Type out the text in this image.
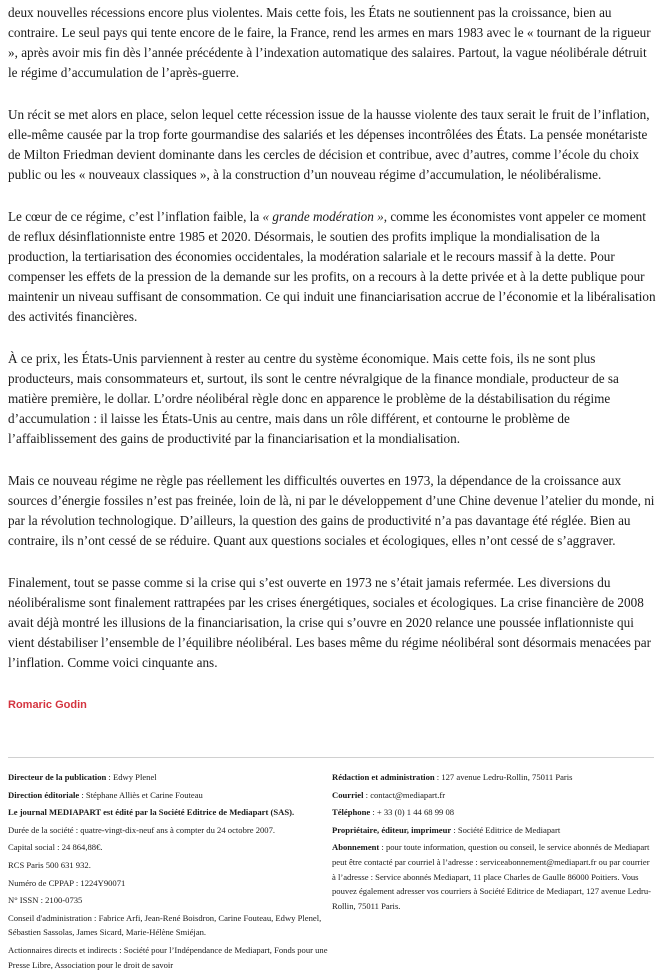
deux nouvelles récessions encore plus violentes. Mais cette fois, les États ne soutiennent pas la croissance, bien au contraire. Le seul pays qui tente encore de le faire, la France, rend les armes en mars 1983 avec le « tournant de la rigueur », après avoir mis fin dès l’année précédente à l’indexation automatique des salaires. Partout, la vague néolibérale détruit le régime d’accumulation de l’après-guerre.

Un récit se met alors en place, selon lequel cette récession issue de la hausse violente des taux serait le fruit de l’inflation, elle-même causée par la trop forte gourmandise des salariés et les dépenses incontrôlées des États. La pensée monétariste de Milton Friedman devient dominante dans les cercles de décision et contribue, avec d’autres, comme l’école du choix public ou les « nouveaux classiques », à la construction d’un nouveau régime d’accumulation, le néolibéralisme.

Le cœur de ce régime, c’est l’inflation faible, la « grande modération », comme les économistes vont appeler ce moment de reflux désinflationniste entre 1985 et 2020. Désormais, le soutien des profits implique la mondialisation de la production, la tertiarisation des économies occidentales, la modération salariale et le recours massif à la dette. Pour compenser les effets de la pression de la demande sur les profits, on a recours à la dette privée et à la dette publique pour maintenir un niveau suffisant de consommation. Ce qui induit une financiarisation accrue de l’économie et la libéralisation des activités financières.

À ce prix, les États-Unis parviennent à rester au centre du système économique. Mais cette fois, ils ne sont plus producteurs, mais consommateurs et, surtout, ils sont le centre névralgique de la finance mondiale, producteur de sa matière première, le dollar. L’ordre néolibéral règle donc en apparence le problème de la déstabilisation du régime d’accumulation : il laisse les États-Unis au centre, mais dans un rôle différent, et contourne le problème de l’affaiblissement des gains de productivité par la financiarisation et la mondialisation.

Mais ce nouveau régime ne règle pas réellement les difficultés ouvertes en 1973, la dépendance de la croissance aux sources d’énergie fossiles n’est pas freinée, loin de là, ni par le développement d’une Chine devenue l’atelier du monde, ni par la révolution technologique. D’ailleurs, la question des gains de productivité n’a pas davantage été réglée. Bien au contraire, ils n’ont cessé de se réduire. Quant aux questions sociales et écologiques, elles n’ont cessé de s’aggraver.

Finalement, tout se passe comme si la crise qui s’est ouverte en 1973 ne s’était jamais refermée. Les diversions du néolibéralisme sont finalement rattrapées par les crises énergétiques, sociales et écologiques. La crise financière de 2008 avait déjà montré les illusions de la financiarisation, la crise qui s’ouvre en 2020 relance une poussée inflationniste qui vient déstabiliser l’ensemble de l’équilibre néolibéral. Les bases même du régime néolibéral sont désormais menacées par l’inflation. Comme voici cinquante ans.

Romaric Godin
Directeur de la publication : Edwy Plenel
Direction éditoriale : Stéphane Alliès et Carine Fouteau
Le journal MEDIAPART est édité par la Société Editrice de Mediapart (SAS).
Durée de la société : quatre-vingt-dix-neuf ans à compter du 24 octobre 2007.
Capital social : 24 864,88€.
RCS Paris 500 631 932.
Numéro de CPPAP : 1224Y90071
N° ISSN : 2100-0735
Conseil d'administration : Fabrice Arfi, Jean-René Boisdron, Carine Fouteau, Edwy Plenel, Sébastien Sassolas, James Sicard, Marie-Hélène Smiéjan.
Actionnaires directs et indirects : Société pour l’Indépendance de Mediapart, Fonds pour une Presse Libre, Association pour le droit de savoir
Rédaction et administration : 127 avenue Ledru-Rollin, 75011 Paris
Courriel : contact@mediapart.fr
Téléphone : + 33 (0) 1 44 68 99 08
Propriétaire, éditeur, imprimeur : Société Editrice de Mediapart
Abonnement : pour toute information, question ou conseil, le service abonnés de Mediapart peut être contacté par courriel à l’adresse : serviceabonnement@mediapart.fr ou par courrier à l’adresse : Service abonnés Mediapart, 11 place Charles de Gaulle 86000 Poitiers. Vous pouvez également adresser vos courriers à Société Editrice de Mediapart, 127 avenue Ledru-Rollin, 75011 Paris.
